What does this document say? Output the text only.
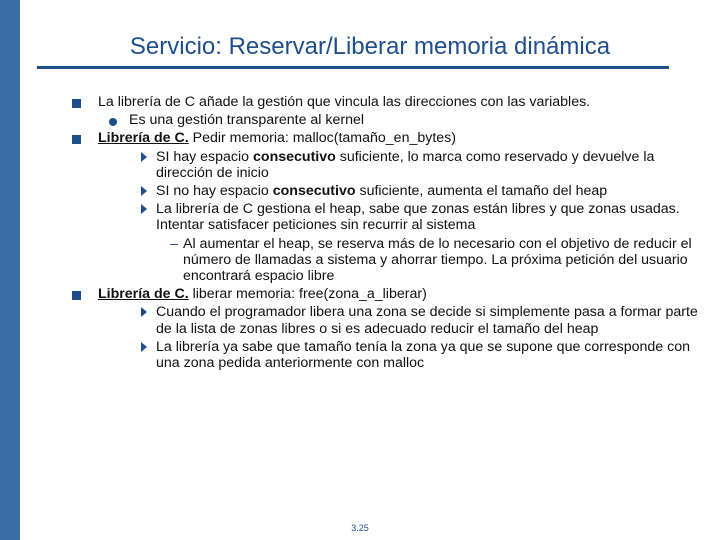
Servicio: Reservar/Liberar memoria dinámica
La librería de C añade la gestión que vincula las direcciones con las variables.
Es una gestión transparente al kernel
Librería de C. Pedir memoria: malloc(tamaño_en_bytes)
SI hay espacio consecutivo suficiente, lo marca como reservado y devuelve la dirección de inicio
SI no hay espacio consecutivo suficiente, aumenta el tamaño del heap
La librería de C gestiona el heap, sabe que zonas están libres y que zonas usadas. Intentar satisfacer peticiones sin recurrir al sistema
– Al aumentar el heap, se reserva más de lo necesario con el objetivo de reducir el número de llamadas a sistema y ahorrar tiempo. La próxima petición del usuario encontrará espacio libre
Librería de C. liberar memoria: free(zona_a_liberar)
Cuando el programador libera una zona se decide si simplemente pasa a formar parte de la lista de zonas libres o si es adecuado reducir el tamaño del heap
La librería ya sabe que tamaño tenía la zona ya que se supone que corresponde con una zona pedida anteriormente con malloc
3.25
